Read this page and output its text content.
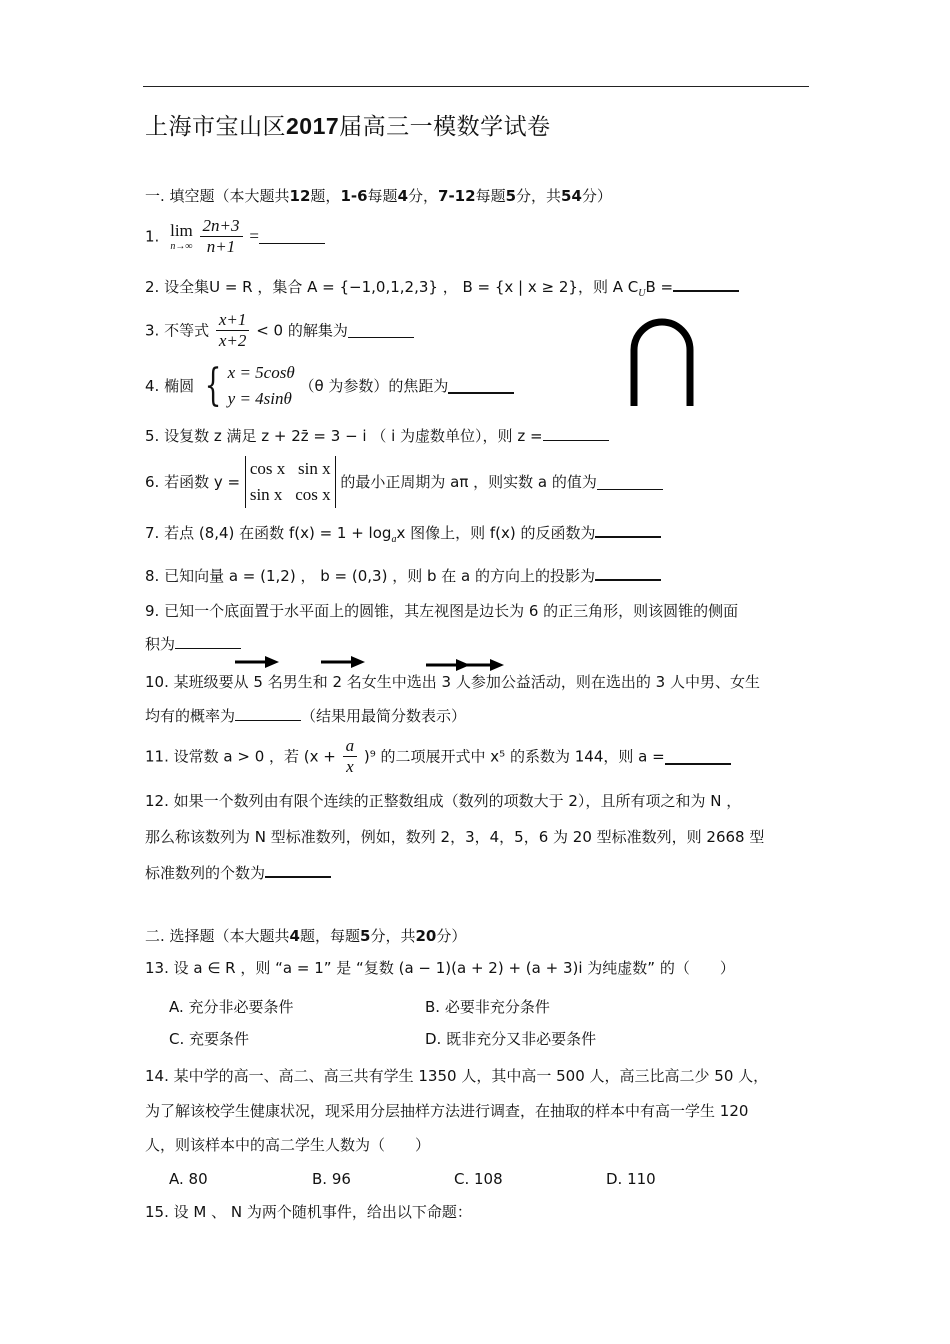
上海市宝山区2017届高三一模数学试卷
一. 填空题（本大题共12题，1-6每题4分，7-12每题5分，共54分）
1. lim
n→∞
$\frac{2n+3}{n+1}$ =
2. 设全集U = R ，集合 A = {−1,0,1,2,3} ， B = {x | x ≥ 2}，则 A $C_UB$ =
3. 不等式 $\frac{x+1}{x+2} < 0$ 的解集为
4. 椭圆 { x = 5cosθ
y = 4sinθ
（θ 为参数）的焦距为
5. 设复数 z 满足 z + 2z̄ = 3 − i （ i 为虚数单位），则 z =
6. 若函数 y =
cos x sin x
sin x cos x
的最小正周期为 aπ ，则实数 a 的值为
7. 若点 (8,4) 在函数 $f(x) = 1 + \log_ax$ 图像上，则 f(x) 的反函数为
8. 已知向量 a = (1,2) ， b = (0,3) ，则 b 在 a 的方向上的投影为
9. 已知一个底面置于水平面上的圆锥，其左视图是边长为 6 的正三角形，则该圆锥的侧面
积为
10. 某班级要从 5 名男生和 2 名女生中选出 3 人参加公益活动，则在选出的 3 人中男、女生
均有的概率为	（结果用最简分数表示）
11. 设常数 a > 0 ，若 $(x + \frac{a}{x} )^9$ 的二项展开式中 x⁵ 的系数为 144，则 a =
12. 如果一个数列由有限个连续的正整数组成（数列的项数大于 2），且所有项之和为 N ，
那么称该数列为 N 型标准数列，例如，数列 2，3，4，5，6 为 20 型标准数列，则 2668 型
标准数列的个数为
二. 选择题（本大题共4题，每题5分，共20分）
13. 设 a ∈ R ，则 “a = 1” 是 “复数 (a − 1)(a + 2) + (a + 3)i 为纯虚数” 的（　　）
A. 充分非必要条件	B. 必要非充分条件
C. 充要条件	D. 既非充分又非必要条件
14. 某中学的高一、高二、高三共有学生 1350 人，其中高一 500 人，高三比高二少 50 人，
为了解该校学生健康状况，现采用分层抽样方法进行调查，在抽取的样本中有高一学生 120
人，则该样本中的高二学生人数为（　　）
A. 80	B. 96	C. 108	D. 110
15. 设 M 、 N 为两个随机事件，给出以下命题：
